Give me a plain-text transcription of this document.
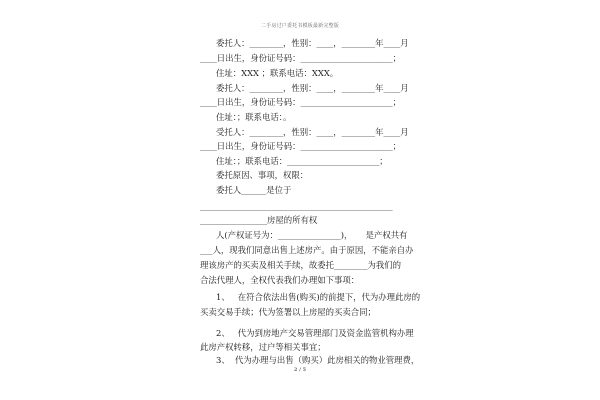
二手房过户委托书模板最新完整版
委托人：________，性别：____，________年____月
____日出生，身份证号码：______________________；
住址：XXX ；联系电话：XXX。
委托人：________，性别：____，________年____月
____日出生，身份证号码：______________________；
住址：；联系电话：。
受托人：________，性别：____，________年____月
____日出生，身份证号码：______________________；
住址：；联系电话：______________________；
委托原因、事项，权限：
委托人______是位于
______________________________________________
________________房屋的所有权
人(产权证号为：_______________)，     是产权共有
___人，现我们同意出售上述房产。由于原因，不能亲自办
理该房产的买卖及相关手续，故委托________为我们的
合法代理人，全权代表我们办理如下事项：
1、   在符合依法出售(购买)的前提下，代为办理此房的
买卖交易手续；代为签署以上房屋的买卖合同；
2 / 5
2、   代为到房地产交易管理部门及资金监管机构办理
此房产权转移，过户等相关事宜；
3、  代为办理与出售（购买）此房相关的物业管理费，
